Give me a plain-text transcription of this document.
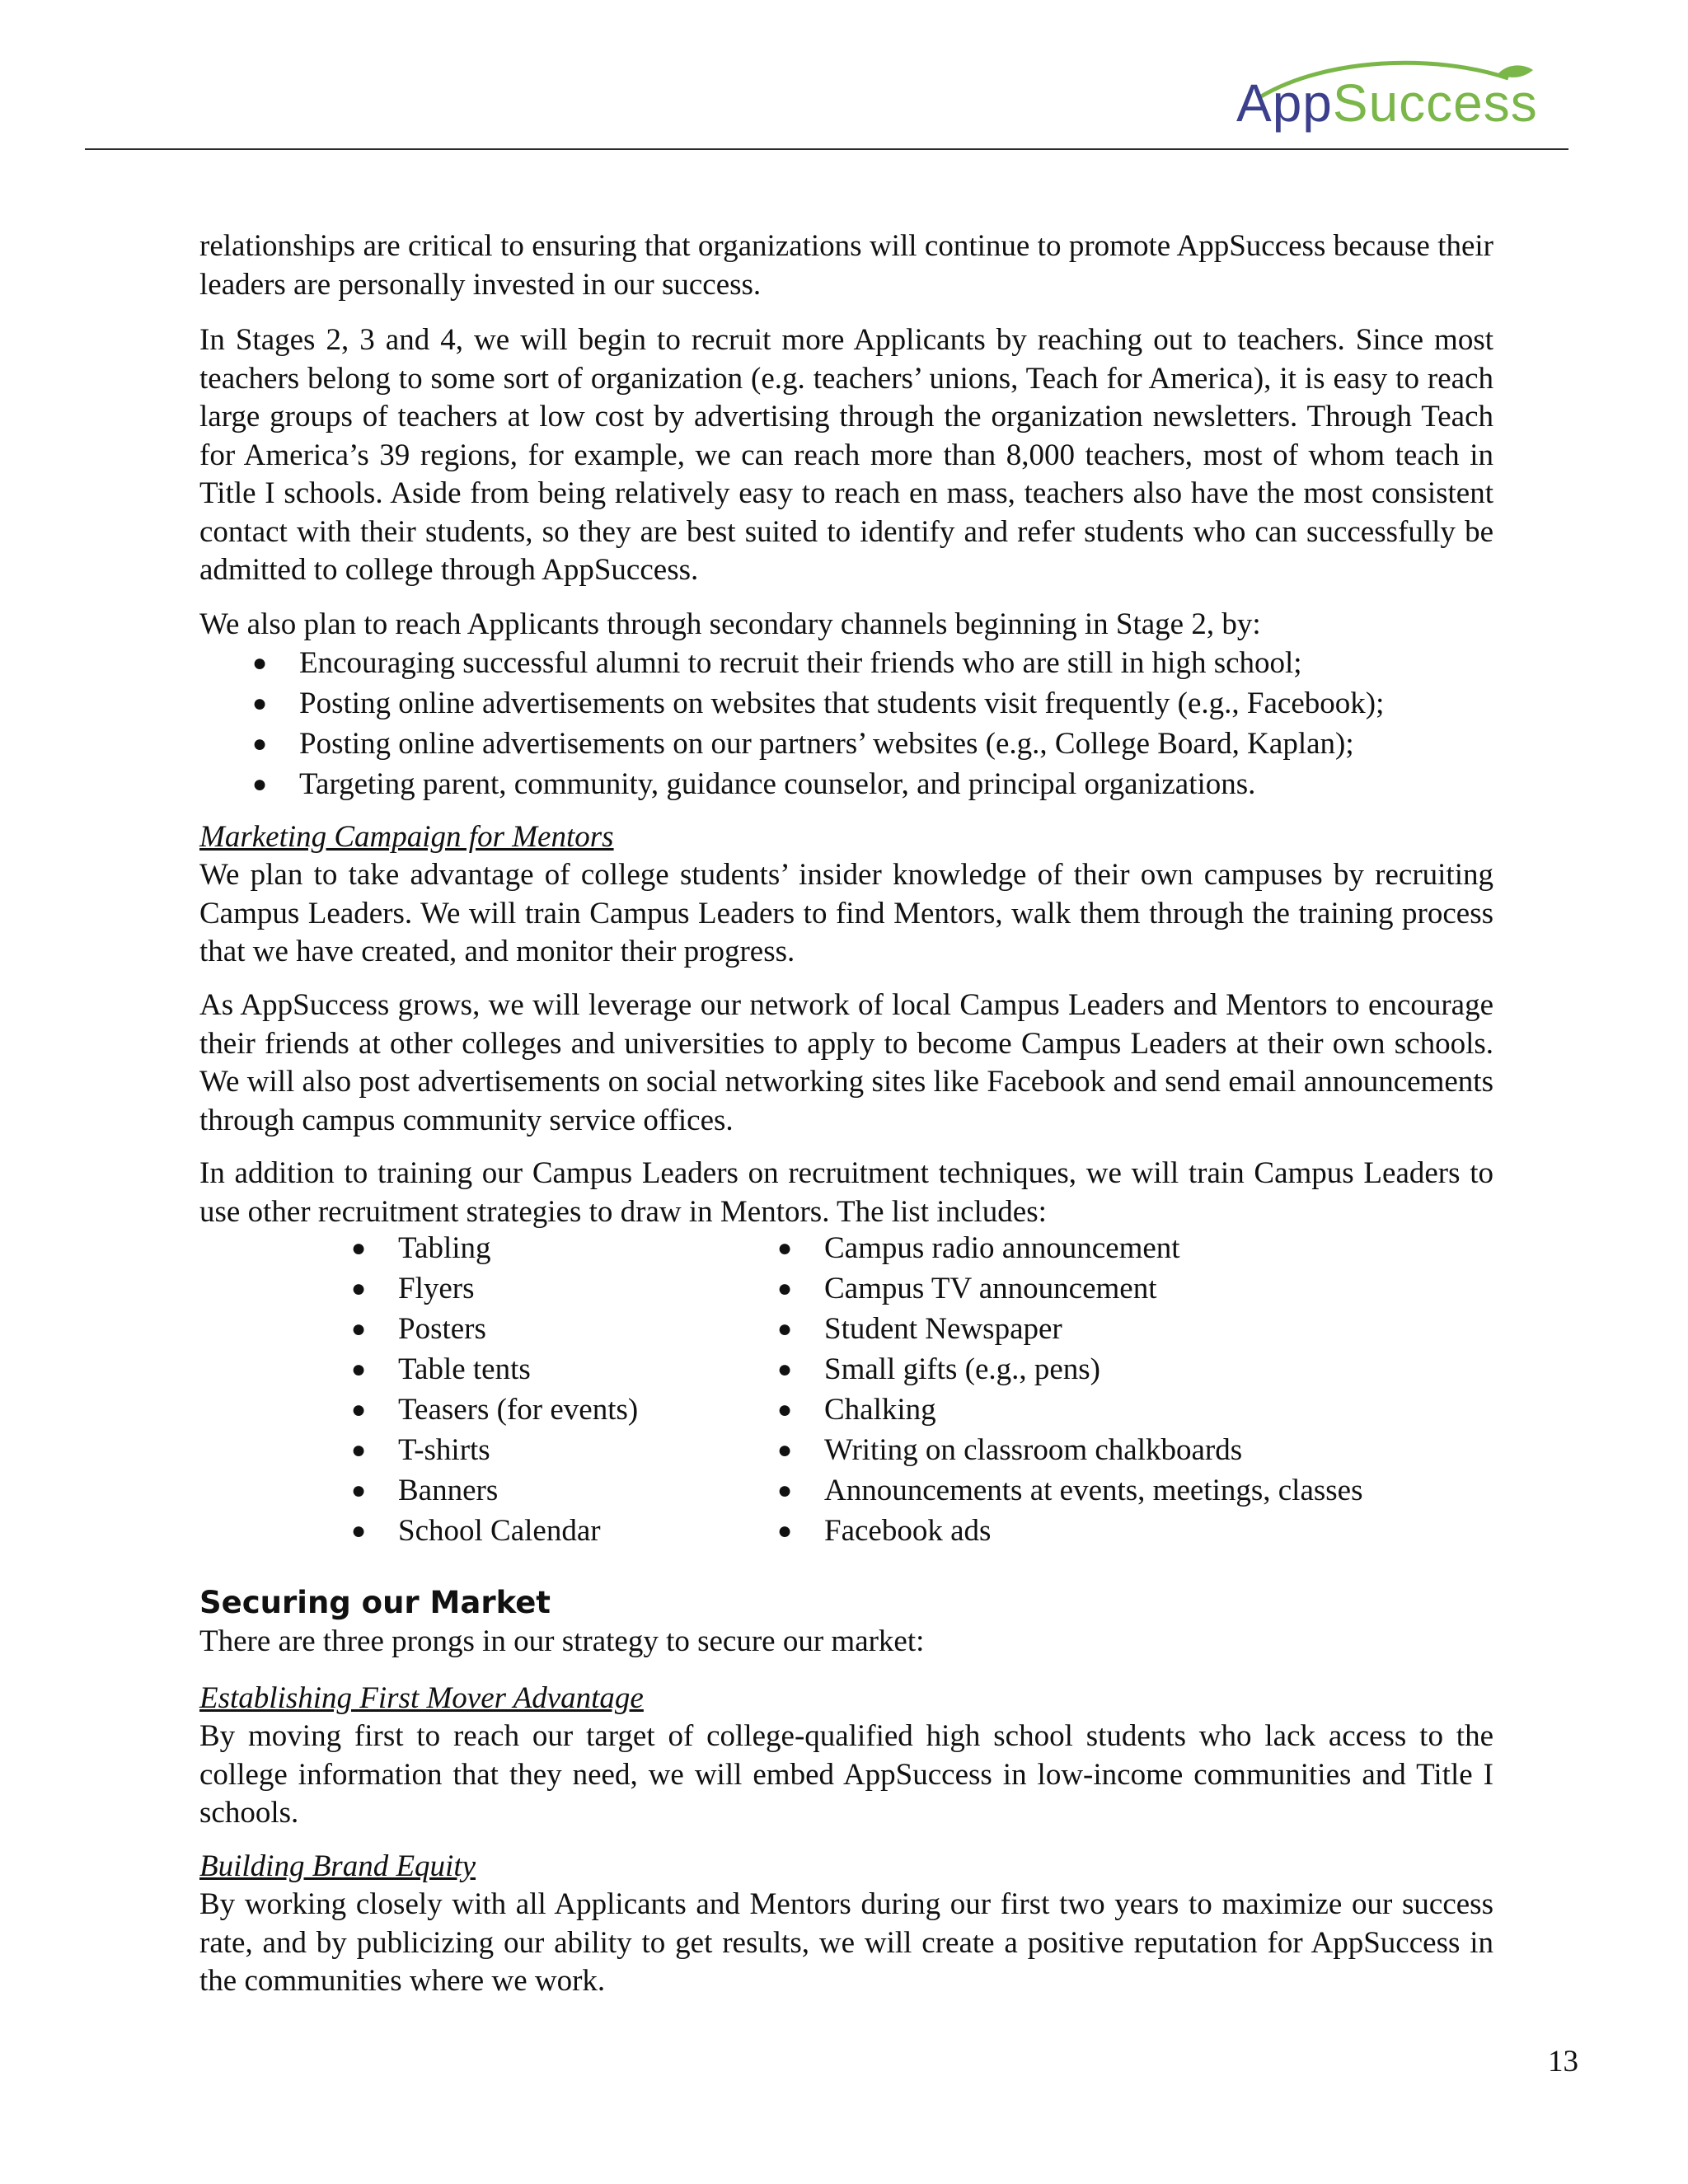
AppSuccess

relationships are critical to ensuring that organizations will continue to promote AppSuccess because their leaders are personally invested in our success.

In Stages 2, 3 and 4, we will begin to recruit more Applicants by reaching out to teachers. Since most teachers belong to some sort of organization (e.g. teachers’ unions, Teach for America), it is easy to reach large groups of teachers at low cost by advertising through the organization newsletters. Through Teach for America’s 39 regions, for example, we can reach more than 8,000 teachers, most of whom teach in Title I schools. Aside from being relatively easy to reach en mass, teachers also have the most consistent contact with their students, so they are best suited to identify and refer students who can successfully be admitted to college through AppSuccess.

We also plan to reach Applicants through secondary channels beginning in Stage 2, by:

● Encouraging successful alumni to recruit their friends who are still in high school;
● Posting online advertisements on websites that students visit frequently (e.g., Facebook);
● Posting online advertisements on our partners’ websites (e.g., College Board, Kaplan);
● Targeting parent, community, guidance counselor, and principal organizations.
Marketing Campaign for Mentors

We plan to take advantage of college students’ insider knowledge of their own campuses by recruiting Campus Leaders. We will train Campus Leaders to find Mentors, walk them through the training process that we have created, and monitor their progress.

As AppSuccess grows, we will leverage our network of local Campus Leaders and Mentors to encourage their friends at other colleges and universities to apply to become Campus Leaders at their own schools. We will also post advertisements on social networking sites like Facebook and send email announcements through campus community service offices.

In addition to training our Campus Leaders on recruitment techniques, we will train Campus Leaders to use other recruitment strategies to draw in Mentors. The list includes:

● Tabling
● Flyers
● Posters
● Table tents
● Teasers (for events)
● T-shirts
● Banners
● School Calendar
● Campus radio announcement
● Campus TV announcement
● Student Newspaper
● Small gifts (e.g., pens)
● Chalking
● Writing on classroom chalkboards
● Announcements at events, meetings, classes
● Facebook ads
Securing our Market

There are three prongs in our strategy to secure our market:

Establishing First Mover Advantage

By moving first to reach our target of college-qualified high school students who lack access to the college information that they need, we will embed AppSuccess in low-income communities and Title I schools.

Building Brand Equity

By working closely with all Applicants and Mentors during our first two years to maximize our success rate, and by publicizing our ability to get results, we will create a positive reputation for AppSuccess in the communities where we work.

13
